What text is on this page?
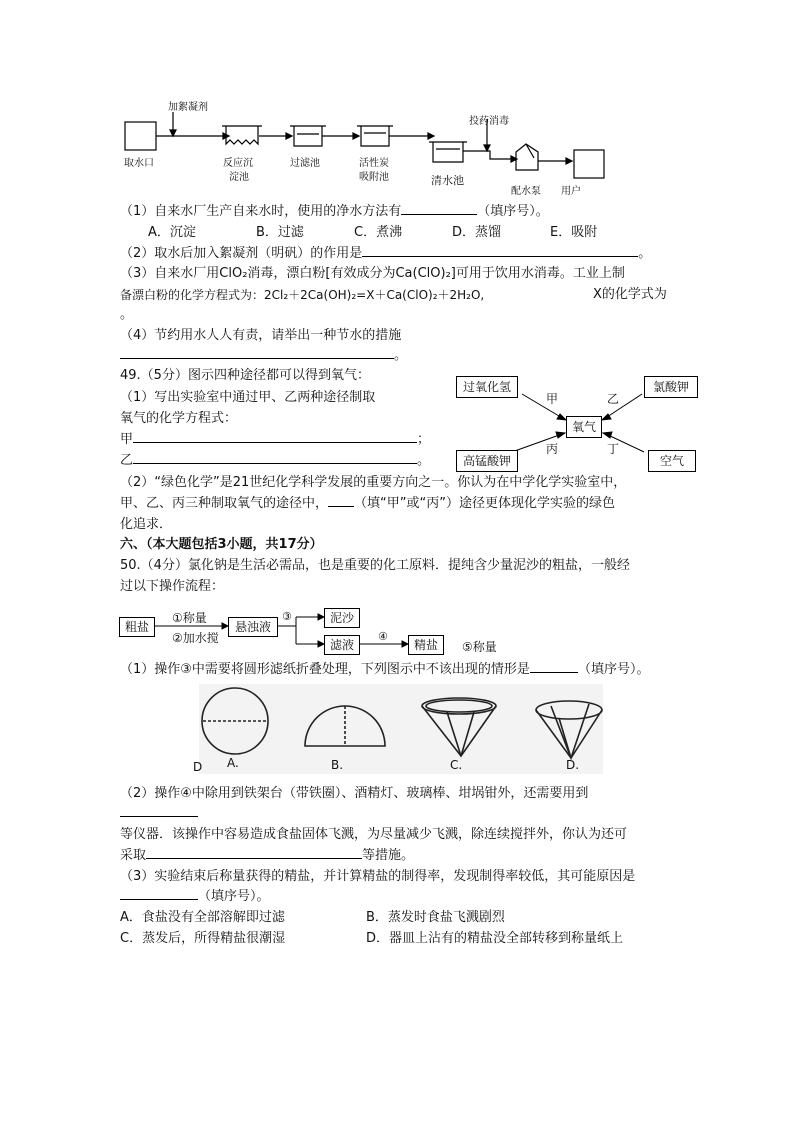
加絮凝剂
取水口	反应沉
淀池
过滤池	活性炭
吸附池	清水池
投药消毒
配水泵 用户
（1）自来水厂生产自来水时，使用的净水方法有	（填序号）。
A．沉淀	B．过滤	C．煮沸	D．蒸馏	E．吸附
（2）取水后加入絮凝剂（明矾）的作用是	。
（3）自来水厂用ClO₂消毒，漂白粉[有效成分为Ca(ClO)₂]可用于饮用水消毒。工业上制
备漂白粉的化学方程式为：2Cl₂＋2Ca(OH)₂=X＋Ca(ClO)₂＋2H₂O,	X的化学式为
。
（4）节约用水人人有责，请举出一种节水的措施
。
49.（5分）图示四种途径都可以得到氧气：
（1）写出实验室中通过甲、乙两种途径制取
氧气的化学方程式：
甲	；
乙	。
过氧化氢	氯酸钾
高锰酸钾	空气
氧气
甲	乙
丙	丁
（2）“绿色化学”是21世纪化学科学发展的重要方向之一。你认为在中学化学实验室中，
甲、乙、丙三种制取氧气的途径中， （填“甲”或“丙”）途径更体现化学实验的绿色
化追求．
六、（本大题包括3小题，共17分）
50.（4分）氯化钠是生活必需品，也是重要的化工原料．提纯含少量泥沙的粗盐，一般经
过以下操作流程：
粗盐
①称量
②加水搅
悬浊液
③	泥沙
滤液
④
精盐	⑤称量
（1）操作③中需要将圆形滤纸折叠处理，下列图示中不该出现的情形是	（填序号）。
A.	B.	C.	D.
D
（2）操作④中除用到铁架台（带铁圈）、酒精灯、玻璃棒、坩埚钳外，还需要用到
等仪器．该操作中容易造成食盐固体飞溅，为尽量减少飞溅，除连续搅拌外，你认为还可
采取	等措施。
（3）实验结束后称量获得的精盐，并计算精盐的制得率，发现制得率较低，其可能原因是
（填序号）。
A．食盐没有全部溶解即过滤	B．蒸发时食盐飞溅剧烈
C．蒸发后，所得精盐很潮湿	D．器皿上沾有的精盐没全部转移到称量纸上
